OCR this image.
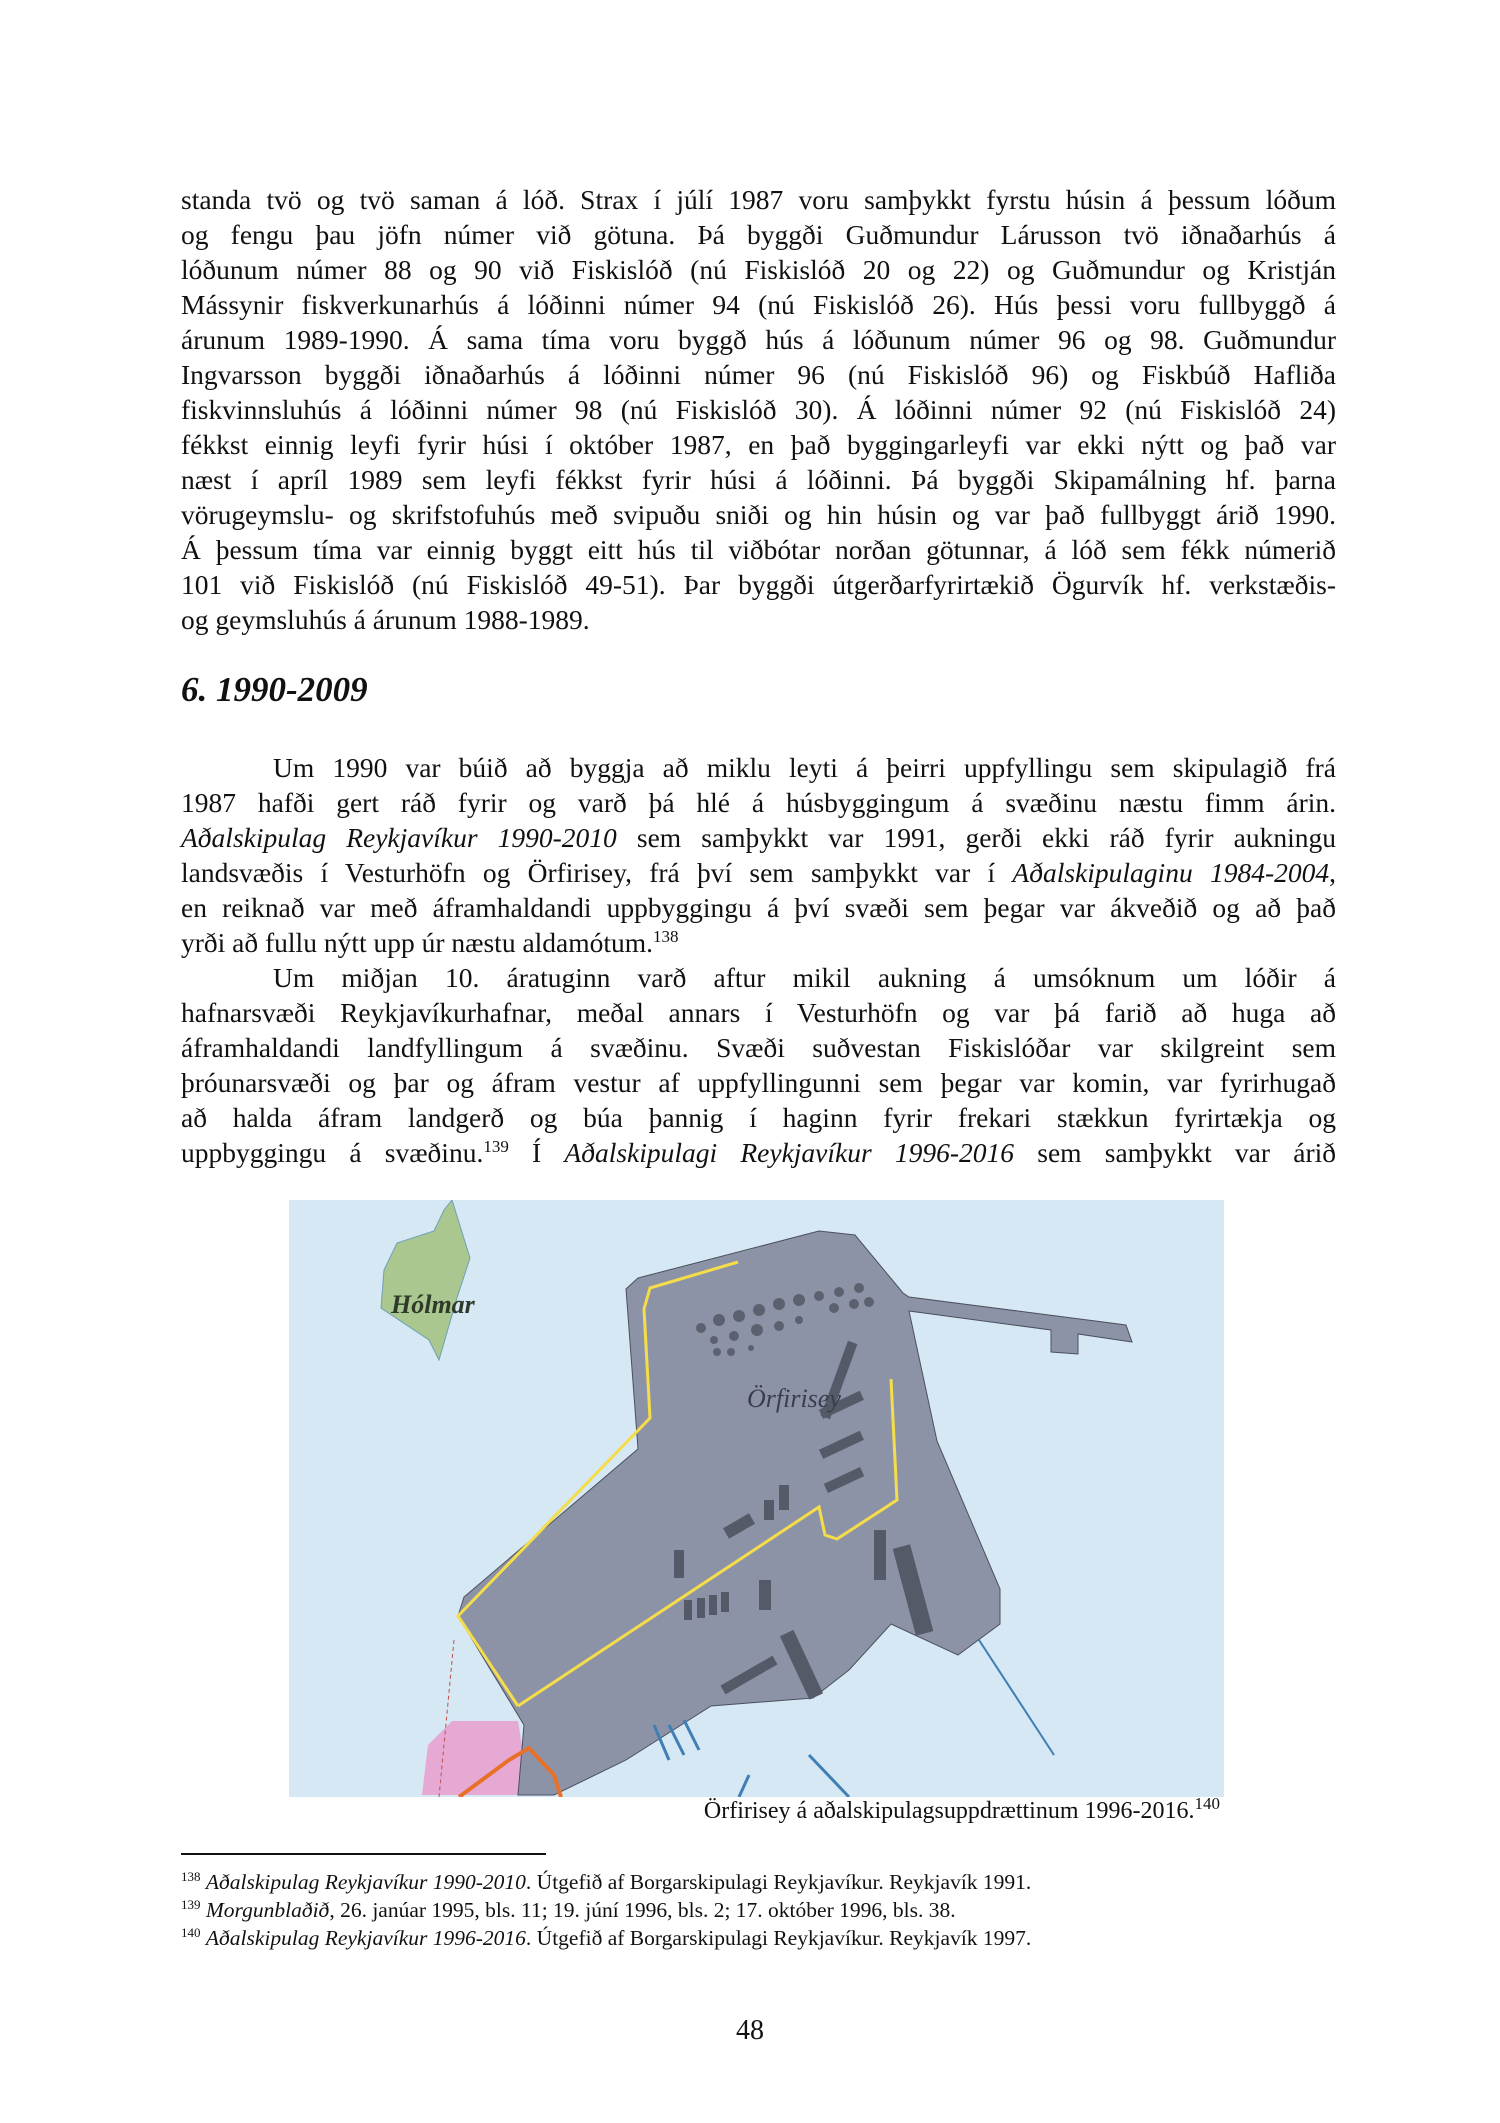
standa tvö og tvö saman á lóð. Strax í júlí 1987 voru samþykkt fyrstu húsin á þessum lóðum
og fengu þau jöfn númer við götuna. Þá byggði Guðmundur Lárusson tvö iðnaðarhús á
lóðunum númer 88 og 90 við Fiskislóð (nú Fiskislóð 20 og 22) og Guðmundur og Kristján
Mássynir fiskverkunarhús á lóðinni númer 94 (nú Fiskislóð 26). Hús þessi voru fullbyggð á
árunum 1989-1990. Á sama tíma voru byggð hús á lóðunum númer 96 og 98. Guðmundur
Ingvarsson byggði iðnaðarhús á lóðinni númer 96 (nú Fiskislóð 96) og Fiskbúð Hafliða
fiskvinnsluhús á lóðinni númer 98 (nú Fiskislóð 30). Á lóðinni númer 92 (nú Fiskislóð 24)
fékkst einnig leyfi fyrir húsi í október 1987, en það byggingarleyfi var ekki nýtt og það var
næst í apríl 1989 sem leyfi fékkst fyrir húsi á lóðinni. Þá byggði Skipamálning hf. þarna
vörugeymslu- og skrifstofuhús með svipuðu sniði og hin húsin og var það fullbyggt árið 1990.
Á þessum tíma var einnig byggt eitt hús til viðbótar norðan götunnar, á lóð sem fékk númerið
101 við Fiskislóð (nú Fiskislóð 49-51). Þar byggði útgerðarfyrirtækið Ögurvík hf. verkstæðis-
og geymsluhús á árunum 1988-1989.
6. 1990-2009
Um 1990 var búið að byggja að miklu leyti á þeirri uppfyllingu sem skipulagið frá
1987 hafði gert ráð fyrir og varð þá hlé á húsbyggingum á svæðinu næstu fimm árin.
Aðalskipulag Reykjavíkur 1990-2010 sem samþykkt var 1991, gerði ekki ráð fyrir aukningu
landsvæðis í Vesturhöfn og Örfirisey, frá því sem samþykkt var í Aðalskipulaginu 1984-2004,
en reiknað var með áframhaldandi uppbyggingu á því svæði sem þegar var ákveðið og að það
yrði að fullu nýtt upp úr næstu aldamótum.$^{138}$
Um miðjan 10. áratuginn varð aftur mikil aukning á umsóknum um lóðir á
hafnarsvæði Reykjavíkurhafnar, meðal annars í Vesturhöfn og var þá farið að huga að
áframhaldandi landfyllingum á svæðinu. Svæði suðvestan Fiskislóðar var skilgreint sem
þróunarsvæði og þar og áfram vestur af uppfyllingunni sem þegar var komin, var fyrirhugað
að halda áfram landgerð og búa þannig í haginn fyrir frekari stækkun fyrirtækja og
uppbyggingu á svæðinu.$^{139}$ Í Aðalskipulagi Reykjavíkur 1996-2016 sem samþykkt var árið
Hólmar
Örfirisey
Örfirisey á aðalskipulagsuppdrættinum 1996-2016.$^{140}$
$^{138}$ Aðalskipulag Reykjavíkur 1990-2010. Útgefið af Borgarskipulagi Reykjavíkur. Reykjavík 1991.
$^{139}$ Morgunblaðið, 26. janúar 1995, bls. 11; 19. júní 1996, bls. 2; 17. október 1996, bls. 38.
$^{140}$ Aðalskipulag Reykjavíkur 1996-2016. Útgefið af Borgarskipulagi Reykjavíkur. Reykjavík 1997.
48
